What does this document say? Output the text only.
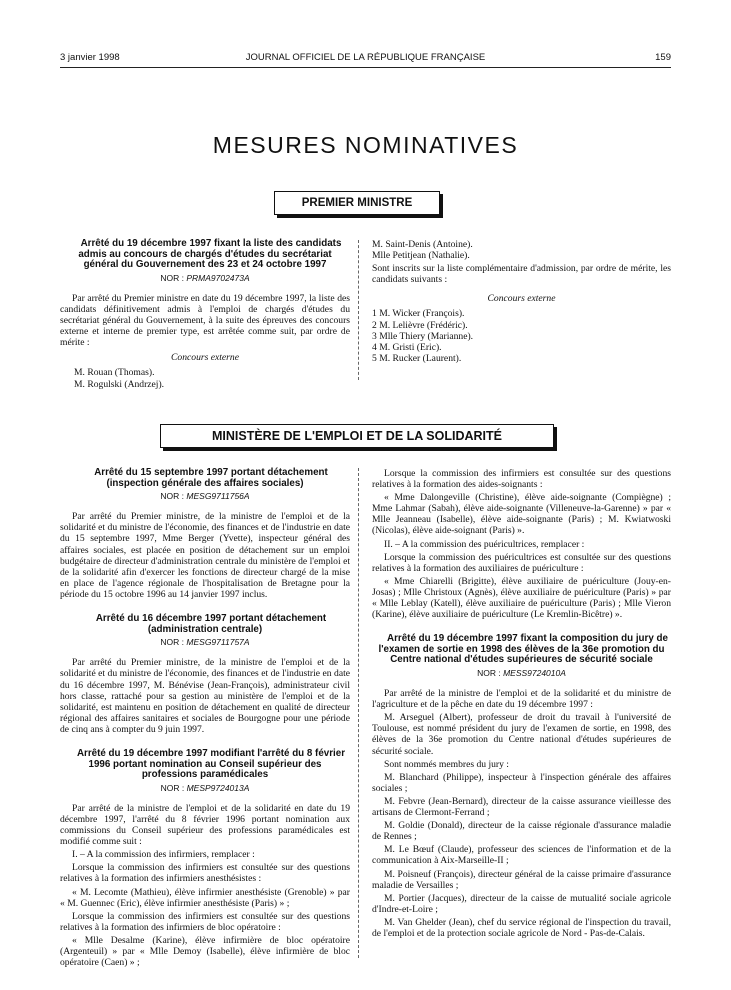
3 janvier 1998	JOURNAL OFFICIEL DE LA RÉPUBLIQUE FRANÇAISE	159
MESURES NOMINATIVES
PREMIER MINISTRE

Arrêté du 19 décembre 1997 fixant la liste des candidats admis au concours de chargés d'études du secrétariat général du Gouvernement des 23 et 24 octobre 1997

NOR : PRMA9702473A

Par arrêté du Premier ministre en date du 19 décembre 1997, la liste des candidats définitivement admis à l'emploi de chargés d'études du secrétariat général du Gouvernement, à la suite des épreuves des concours externe et interne de premier type, est arrêtée comme suit, par ordre de mérite :

Concours externe
M. Rouan (Thomas).
M. Rogulski (Andrzej).
M. Saint-Denis (Antoine).
Mlle Petitjean (Nathalie).

Sont inscrits sur la liste complémentaire d'admission, par ordre de mérite, les candidats suivants :

Concours externe
1 M. Wicker (François).
2 M. Lelièvre (Frédéric).
3 Mlle Thiery (Marianne).
4 M. Gristi (Eric).
5 M. Rucker (Laurent).
MINISTÈRE DE L'EMPLOI ET DE LA SOLIDARITÉ

Arrêté du 15 septembre 1997 portant détachement (inspection générale des affaires sociales)

NOR : MESG9711756A

Par arrêté du Premier ministre, de la ministre de l'emploi et de la solidarité et du ministre de l'économie, des finances et de l'industrie en date du 15 septembre 1997, Mme Berger (Yvette), inspecteur général des affaires sociales, est placée en position de détachement sur un emploi budgétaire de directeur d'administration centrale du ministère de l'emploi et de la solidarité afin d'exercer les fonctions de directeur chargé de la mise en place de l'agence régionale de l'hospitalisation de Bretagne pour la période du 15 octobre 1996 au 14 janvier 1997 inclus.

Arrêté du 16 décembre 1997 portant détachement (administration centrale)

NOR : MESG9711757A

Par arrêté du Premier ministre, de la ministre de l'emploi et de la solidarité et du ministre de l'économie, des finances et de l'industrie en date du 16 décembre 1997, M. Bénévise (Jean-François), administrateur civil hors classe, rattaché pour sa gestion au ministère de l'emploi et de la solidarité, est maintenu en position de détachement en qualité de directeur régional des affaires sanitaires et sociales de Bourgogne pour une période de cinq ans à compter du 9 juin 1997.

Arrêté du 19 décembre 1997 modifiant l'arrêté du 8 février 1996 portant nomination au Conseil supérieur des professions paramédicales

NOR : MESP9724013A

Par arrêté de la ministre de l'emploi et de la solidarité en date du 19 décembre 1997, l'arrêté du 8 février 1996 portant nomination aux commissions du Conseil supérieur des professions paramédicales est modifié comme suit :

I. – A la commission des infirmiers, remplacer :

Lorsque la commission des infirmiers est consultée sur des questions relatives à la formation des infirmiers anesthésistes :

« M. Lecomte (Mathieu), élève infirmier anesthésiste (Grenoble) » par « M. Guennec (Eric), élève infirmier anesthésiste (Paris) » ;

Lorsque la commission des infirmiers est consultée sur des questions relatives à la formation des infirmiers de bloc opératoire :

« Mlle Desalme (Karine), élève infirmière de bloc opératoire (Argenteuil) » par « Mlle Demoy (Isabelle), élève infirmière de bloc opératoire (Caen) » ;

Lorsque la commission des infirmiers est consultée sur des questions relatives à la formation des aides-soignants :

« Mme Dalongeville (Christine), élève aide-soignante (Compiègne) ; Mme Lahmar (Sabah), élève aide-soignante (Villeneuve-la-Garenne) » par « Mlle Jeanneau (Isabelle), élève aide-soignante (Paris) ; M. Kwiatwoski (Nicolas), élève aide-soignant (Paris) ».

II. – A la commission des puéricultrices, remplacer :

Lorsque la commission des puéricultrices est consultée sur des questions relatives à la formation des auxiliaires de puériculture :

« Mme Chiarelli (Brigitte), élève auxiliaire de puériculture (Jouy-en-Josas) ; Mlle Christoux (Agnès), élève auxiliaire de puériculture (Paris) » par « Mlle Leblay (Katell), élève auxiliaire de puériculture (Paris) ; Mlle Vieron (Karine), élève auxiliaire de puériculture (Le Kremlin-Bicêtre) ».

Arrêté du 19 décembre 1997 fixant la composition du jury de l'examen de sortie en 1998 des élèves de la 36e promotion du Centre national d'études supérieures de sécurité sociale

NOR : MESS9724010A

Par arrêté de la ministre de l'emploi et de la solidarité et du ministre de l'agriculture et de la pêche en date du 19 décembre 1997 :

M. Arseguel (Albert), professeur de droit du travail à l'université de Toulouse, est nommé président du jury de l'examen de sortie, en 1998, des élèves de la 36e promotion du Centre national d'études supérieures de sécurité sociale.

Sont nommés membres du jury :

M. Blanchard (Philippe), inspecteur à l'inspection générale des affaires sociales ;

M. Febvre (Jean-Bernard), directeur de la caisse assurance vieillesse des artisans de Clermont-Ferrand ;

M. Goldie (Donald), directeur de la caisse régionale d'assurance maladie de Rennes ;

M. Le Bœuf (Claude), professeur des sciences de l'information et de la communication à Aix-Marseille-II ;

M. Poisneuf (François), directeur général de la caisse primaire d'assurance maladie de Versailles ;

M. Portier (Jacques), directeur de la caisse de mutualité sociale agricole d'Indre-et-Loire ;

M. Van Ghelder (Jean), chef du service régional de l'inspection du travail, de l'emploi et de la protection sociale agricole de Nord - Pas-de-Calais.
